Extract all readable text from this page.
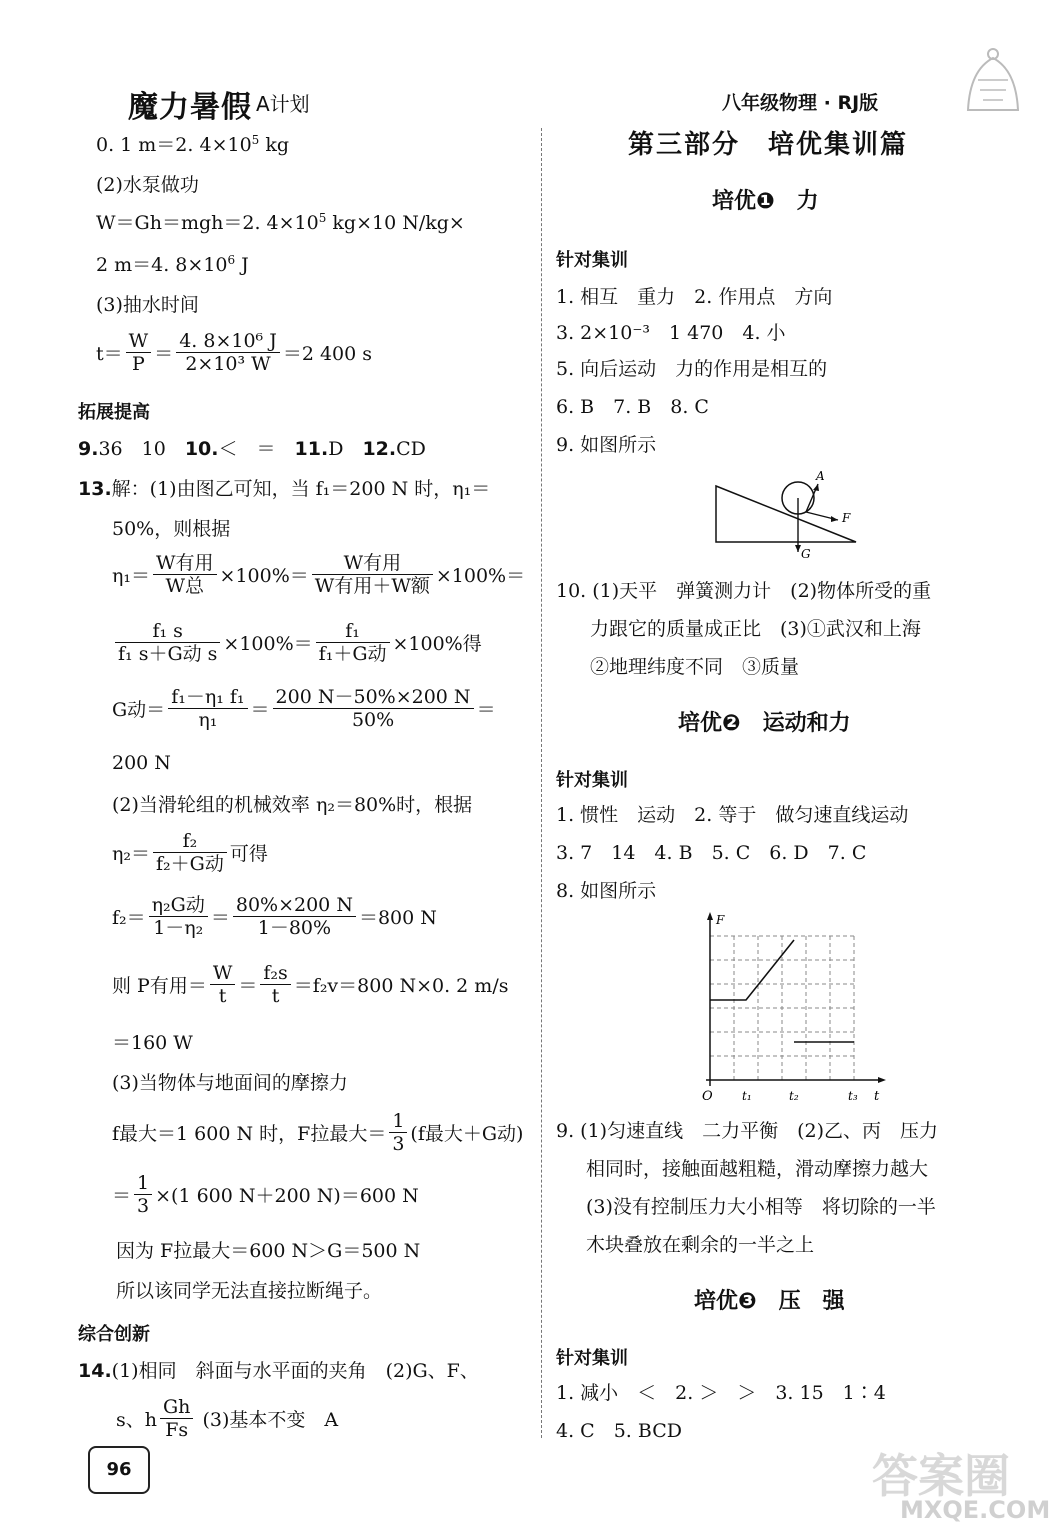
魔力暑假 A计划	八年级物理 · RJ版
0. 1 m＝2. $4\times 10^5$ kg
(2)水泵做功
W＝Gh＝mgh＝2. $4\times 10^5$ kg×10 N/kg×
2 m＝4. $8\times 10^6$ J
(3)抽水时间
$t= \frac{W}{P} = \frac{\text{4. 8×10⁶ J}}{\text{2×10³ W}} =2$ 400 s
拓展提高
9.36　10　 10.＜　＝　 11.D　 12.CD
13.解：(1)由图乙可知，当 f₁＝200 N 时，η₁＝
50%，则根据
$\eta_1= \frac{\text{W有用}}{\text{W总}} \times 100\%= \frac{\text{W有用}}{\text{W有用＋W额}} \times 100\%=$
$\frac{\text{f₁ s}}{\text{f₁ s＋G动 s}} \times 100\%= \frac{\text{f₁}}{\text{f₁＋G动}} \times 100\%$得
G动＝ $\frac{\text{f₁－η₁ f₁}}{\text{η₁}} = \frac{200 N-50\%\times 200 N}{50\%}$ ＝
200 N
(2)当滑轮组的机械效率 η₂＝80%时，根据
$\eta_2= \frac{\text{f₂}}{\text{f₂＋G动}}$ 可得
$f_2= \frac{\text{η₂G动}}{\text{1－η₂}} = \frac{80\%\times 200 N}{1-80\%} =800$ N
则 P有用＝ $\frac{W}{t} = \frac{\text{f₂s}}{t} =f_2v=800$ N×0. 2 m/s
＝160 W
(3)当物体与地面间的摩擦力
f最大＝1 600 N 时，F拉最大＝ $\frac{1}{3} (f$最大＋G动)
＝ $\frac{1}{3} \times(1$ 600 N＋200 N)＝600 N
因为 F拉最大＝600 N＞G＝500 N
所以该同学无法直接拉断绳子。
综合创新
14.(1)相同　斜面与水平面的夹角　(2)G、F、
s、h $\frac{Gh}{Fs} (3)$基本不变　A
第三部分　培优集训篇
培优❶　力
针对集训
1. 相互　重力　2. 作用点　方向
3. 2×10⁻³　1 470　4. 小
5. 向后运动　力的作用是相互的
6. B　7. B　8. C
9. 如图所示
A
F
G
10. (1)天平　弹簧测力计　(2)物体所受的重
力跟它的质量成正比　(3)①武汉和上海
②地理纬度不同　③质量
培优❷　运动和力
针对集训
1. 惯性　运动　2. 等于　做匀速直线运动
3. 7　14　4. B　5. C　6. D　7. C
8. 如图所示
F
O t₁	t₂	t₃ t
9. (1)匀速直线　二力平衡　(2)乙、丙　压力
相同时，接触面越粗糙，滑动摩擦力越大
(3)没有控制压力大小相等　将切除的一半
木块叠放在剩余的一半之上
培优❸　压　强
针对集训
1. 减小　＜　2. ＞　＞　3. 15　1∶4
4. C　5. BCD
96	答案圈
MXQE.COM
